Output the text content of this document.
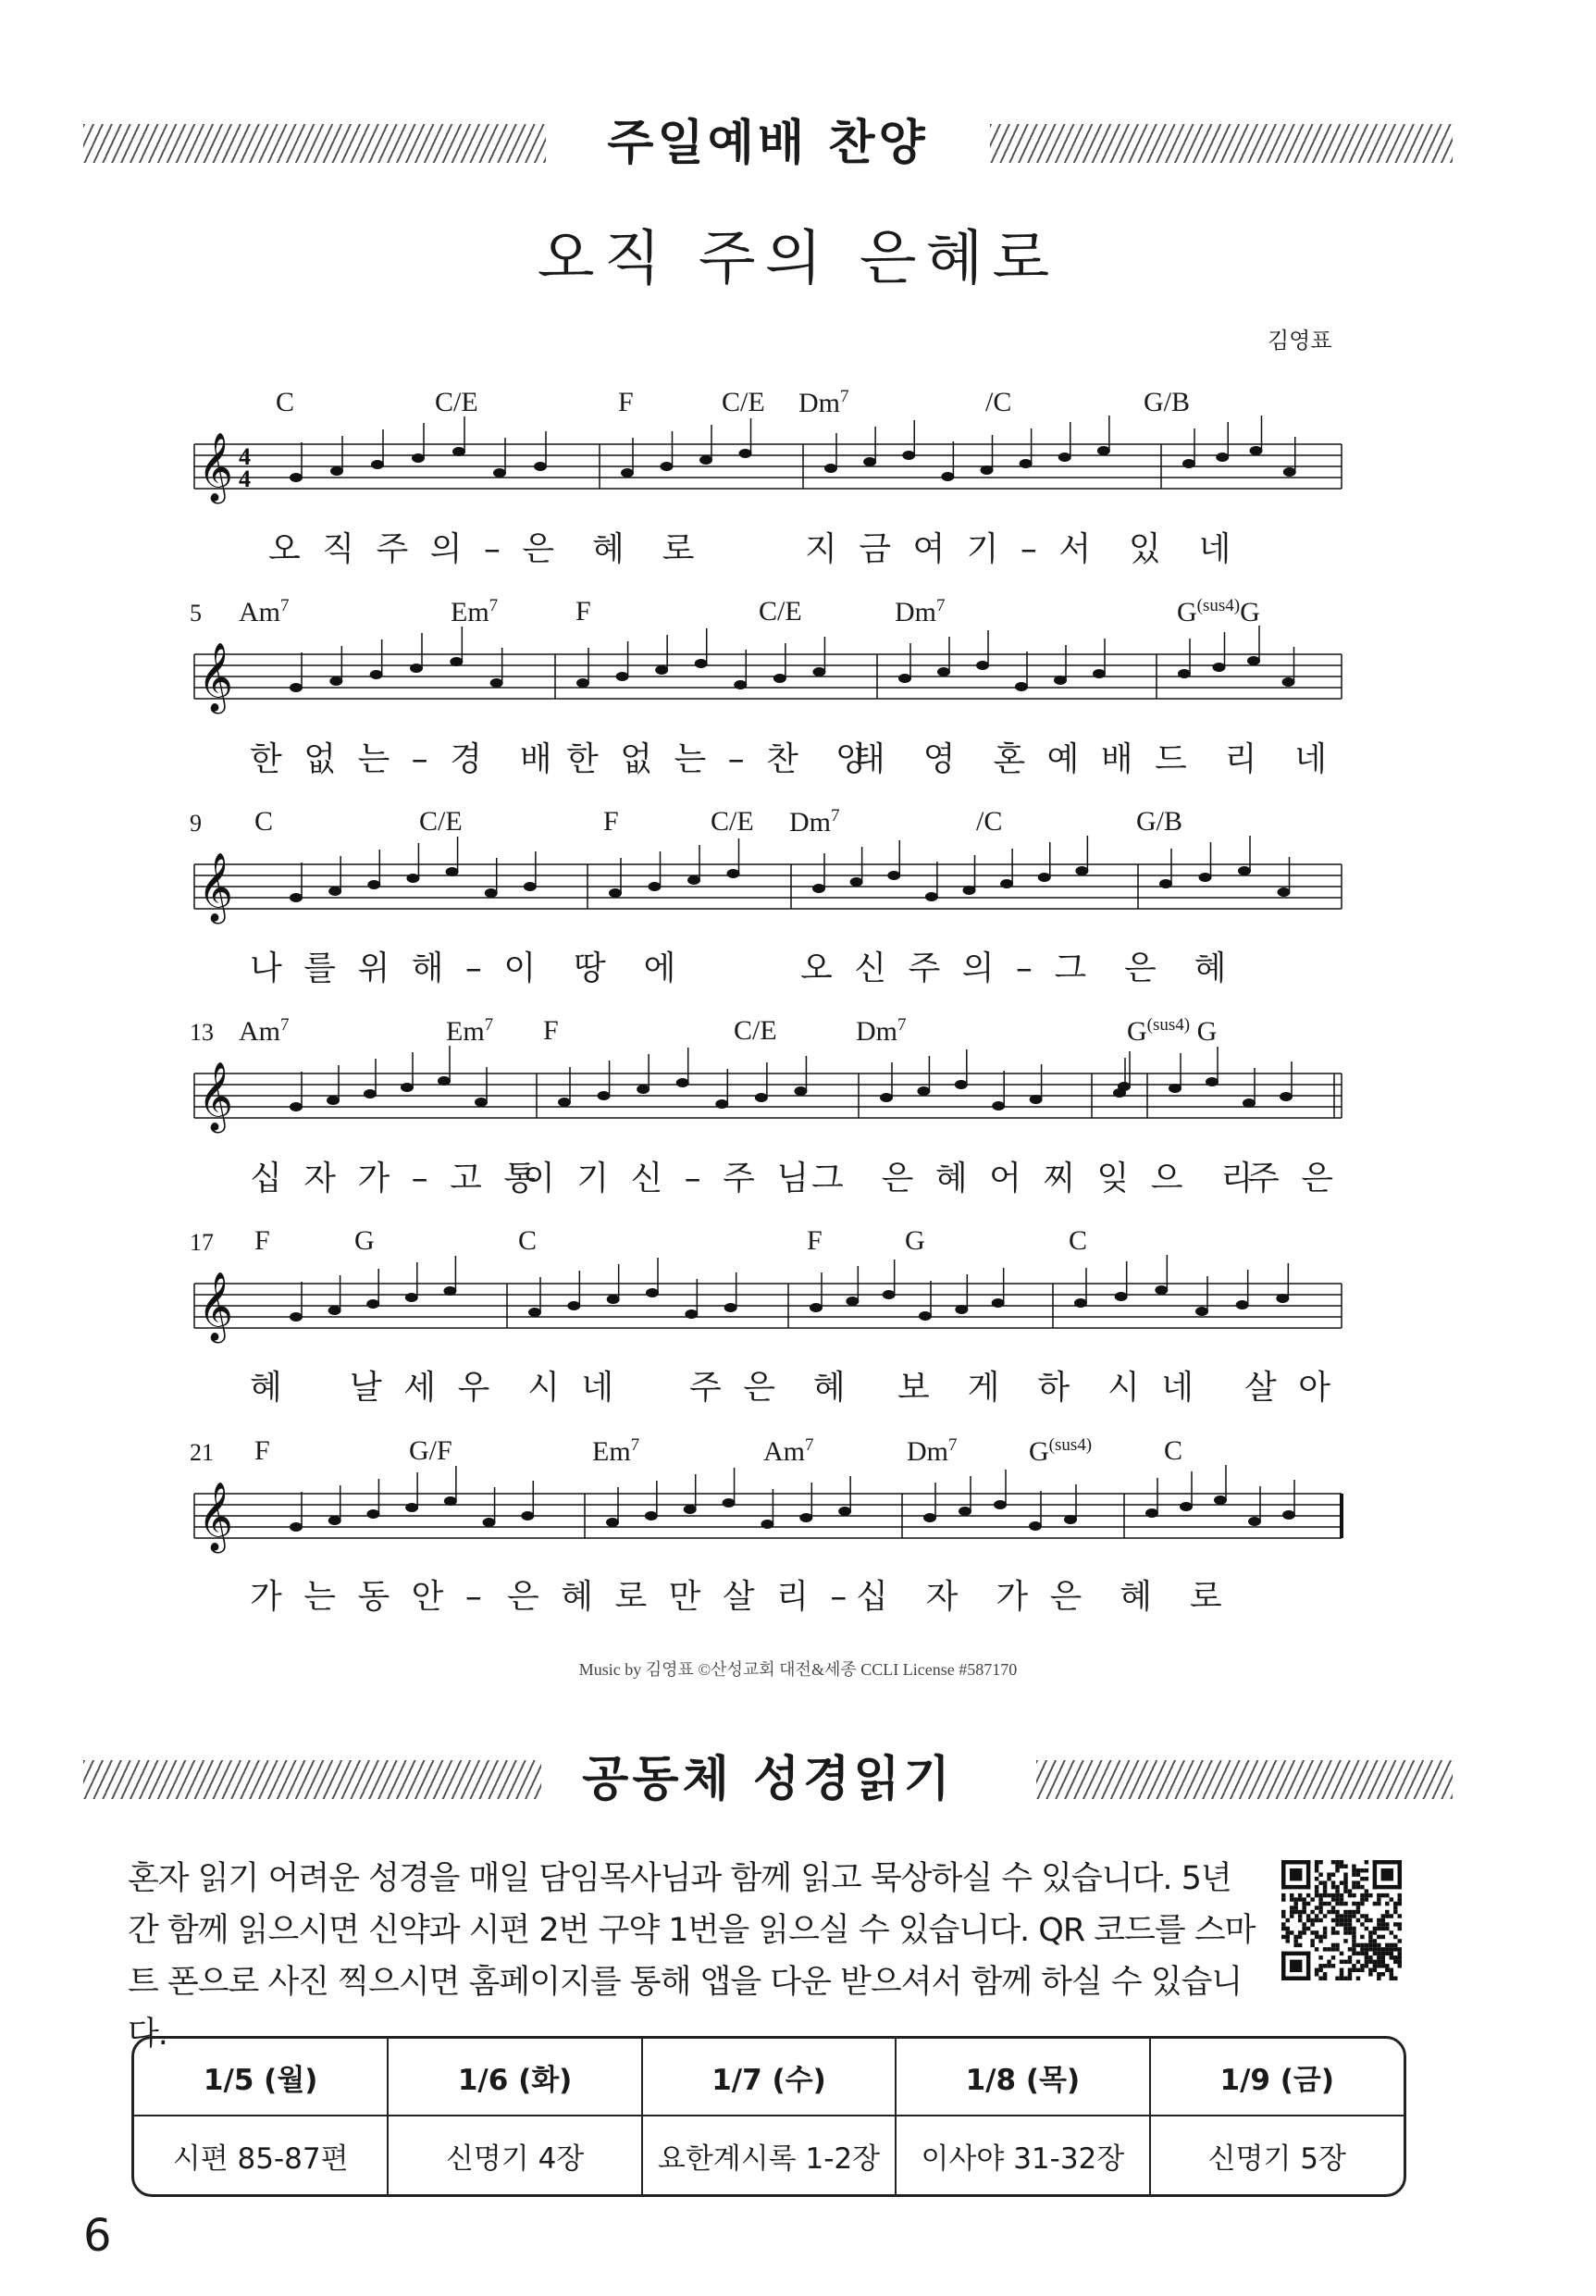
주일예배 찬양
오직 주의 은혜로
김영표
𝄞 4
4
𝄞
𝄞
𝄞
𝄞
𝄞
C	C/E	F	C/E Dm$^7$	/C	G/B
오 직 주 의 – 은  혜  로	지 금 여 기 – 서  있  네
5 Am$^7$	Em$^7$	F	C/E	Dm$^7$	$G^{(sus4)}G$
한 없 는 – 경  배 한 없 는 – 찬  양
내  영  혼 예 배 드  리  네
9 C	C/E	F	C/E Dm$^7$	/C	G/B
나 를 위 해 – 이  땅  에	오 신 주 의 – 그  은  혜
13 Am$^7$	Em$^7$ F	C/E	Dm$^7$	$G^{(sus4)}$ G
십 자 가 – 고 통
이 기 신 – 주 님
그  은 혜 어 찌 잊 으  리
주 은
17 F	G	C	F	G	C
혜 날 세 우  시 네 주 은  혜 보  게  하  시 네 살 아
21 F	G/F	Em$^7$	Am$^7$	Dm$^7$	$G^{(sus4)}$	C
가 는 동 안 – 은 혜 로 만 살 리 – 십  자  가 은  혜  로
Music by 김영표 ©산성교회 대전&세종 CCLI License #587170
공동체 성경읽기
혼자 읽기 어려운 성경을 매일 담임목사님과 함께 읽고 묵상하실 수 있습니다. 5년간 함께 읽으시면 신약과 시편 2번 구약 1번을 읽으실 수 있습니다. QR 코드를 스마트 폰으로 사진 찍으시면 홈페이지를 통해 앱을 다운 받으셔서 함께 하실 수 있습니다.
1/5 (월)	1/6 (화)	1/7 (수)	1/8 (목)	1/9 (금)
시편 85-87편	신명기 4장	요한계시록 1-2장	이사야 31-32장	신명기 5장
6
